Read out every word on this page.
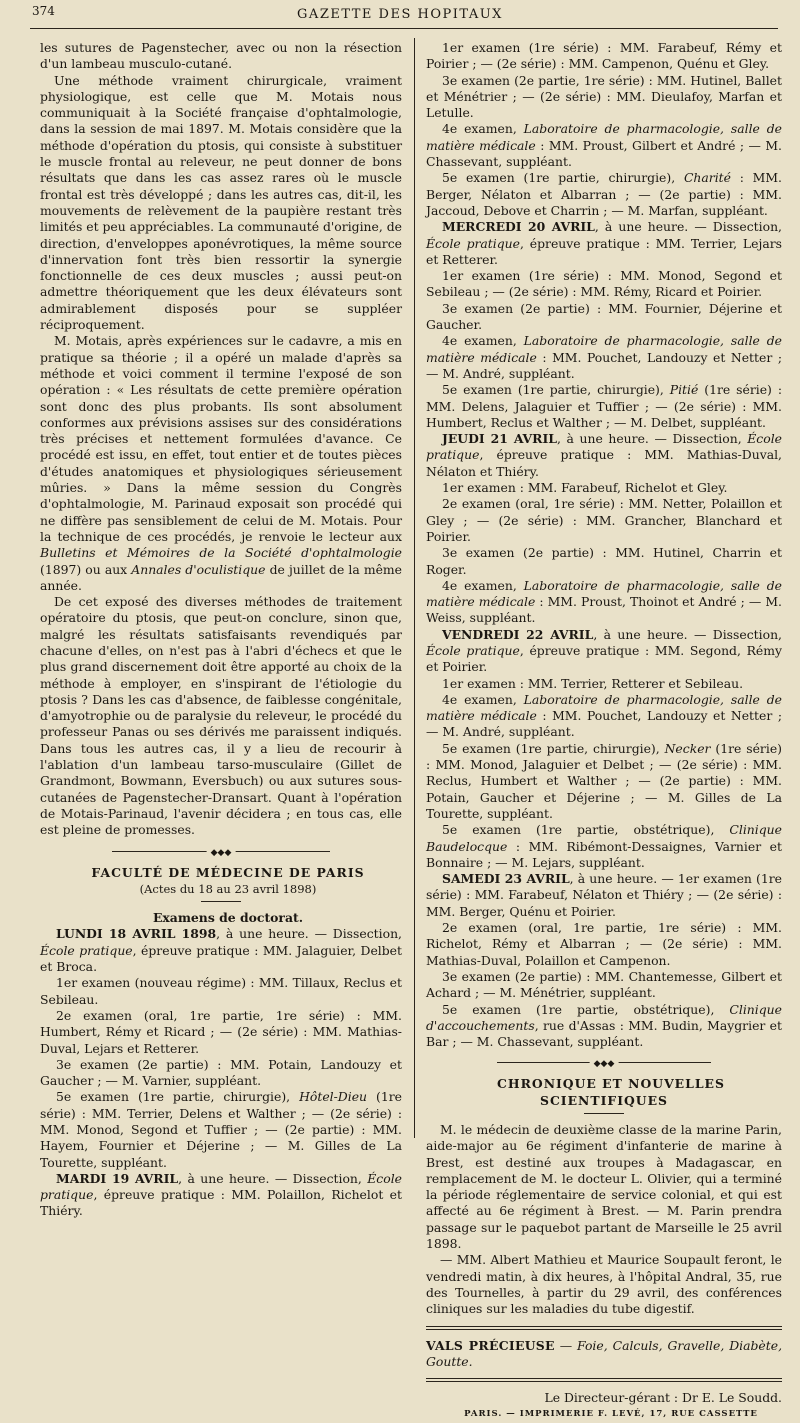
374	GAZETTE DES HOPITAUX

les sutures de Pagenstecher, avec ou non la résection d'un lambeau musculo-cutané.

Une méthode vraiment chirurgicale, vraiment physiologique, est celle que M. Motais nous communiquait à la Société française d'ophtalmologie, dans la session de mai 1897. M. Motais considère que la méthode d'opération du ptosis, qui consiste à substituer le muscle frontal au releveur, ne peut donner de bons résultats que dans les cas assez rares où le muscle frontal est très développé ; dans les autres cas, dit-il, les mouvements de relèvement de la paupière restant très limités et peu appréciables. La communauté d'origine, de direction, d'enveloppes aponévrotiques, la même source d'innervation font très bien ressortir la synergie fonctionnelle de ces deux muscles ; aussi peut-on admettre théoriquement que les deux élévateurs sont admirablement disposés pour se suppléer réciproquement.

M. Motais, après expériences sur le cadavre, a mis en pratique sa théorie ; il a opéré un malade d'après sa méthode et voici comment il termine l'exposé de son opération : « Les résultats de cette première opération sont donc des plus probants. Ils sont absolument conformes aux prévisions assises sur des considérations très précises et nettement formulées d'avance. Ce procédé est issu, en effet, tout entier et de toutes pièces d'études anatomiques et physiologiques sérieusement mûries. » Dans la même session du Congrès d'ophtalmologie, M. Parinaud exposait son procédé qui ne diffère pas sensiblement de celui de M. Motais. Pour la technique de ces procédés, je renvoie le lecteur aux Bulletins et Mémoires de la Société d'ophtalmologie (1897) ou aux Annales d'oculistique de juillet de la même année.

De cet exposé des diverses méthodes de traitement opératoire du ptosis, que peut-on conclure, sinon que, malgré les résultats satisfaisants revendiqués par chacune d'elles, on n'est pas à l'abri d'échecs et que le plus grand discernement doit être apporté au choix de la méthode à employer, en s'inspirant de l'étiologie du ptosis ? Dans les cas d'absence, de faiblesse congénitale, d'amyotrophie ou de paralysie du releveur, le procédé du professeur Panas ou ses dérivés me paraissent indiqués. Dans tous les autres cas, il y a lieu de recourir à l'ablation d'un lambeau tarso-musculaire (Gillet de Grandmont, Bowmann, Eversbuch) ou aux sutures sous-cutanées de Pagenstecher-Dransart. Quant à l'opération de Motais-Parinaud, l'avenir décidera ; en tous cas, elle est pleine de promesses.

◆◆◆

FACULTÉ DE MÉDECINE DE PARIS

(Actes du 18 au 23 avril 1898)

Examens de doctorat.

LUNDI 18 AVRIL 1898, à une heure. — Dissection, École pratique, épreuve pratique : MM. Jalaguier, Delbet et Broca.

1er examen (nouveau régime) : MM. Tillaux, Reclus et Sebileau.

2e examen (oral, 1re partie, 1re série) : MM. Humbert, Rémy et Ricard ; — (2e série) : MM. Mathias-Duval, Lejars et Retterer.

3e examen (2e partie) : MM. Potain, Landouzy et Gaucher ; — M. Varnier, suppléant.

5e examen (1re partie, chirurgie), Hôtel-Dieu (1re série) : MM. Terrier, Delens et Walther ; — (2e série) : MM. Monod, Segond et Tuffier ; — (2e partie) : MM. Hayem, Fournier et Déjerine ; — M. Gilles de La Tourette, suppléant.

MARDI 19 AVRIL, à une heure. — Dissection, École pratique, épreuve pratique : MM. Polaillon, Richelot et Thiéry.

1er examen (1re série) : MM. Farabeuf, Rémy et Poirier ; — (2e série) : MM. Campenon, Quénu et Gley.

3e examen (2e partie, 1re série) : MM. Hutinel, Ballet et Ménétrier ; — (2e série) : MM. Dieulafoy, Marfan et Letulle.

4e examen, Laboratoire de pharmacologie, salle de matière médicale : MM. Proust, Gilbert et André ; — M. Chassevant, suppléant.

5e examen (1re partie, chirurgie), Charité : MM. Berger, Nélaton et Albarran ; — (2e partie) : MM. Jaccoud, Debove et Charrin ; — M. Marfan, suppléant.

MERCREDI 20 AVRIL, à une heure. — Dissection, École pratique, épreuve pratique : MM. Terrier, Lejars et Retterer.

1er examen (1re série) : MM. Monod, Segond et Sebileau ; — (2e série) : MM. Rémy, Ricard et Poirier.

3e examen (2e partie) : MM. Fournier, Déjerine et Gaucher.

4e examen, Laboratoire de pharmacologie, salle de matière médicale : MM. Pouchet, Landouzy et Netter ; — M. André, suppléant.

5e examen (1re partie, chirurgie), Pitié (1re série) : MM. Delens, Jalaguier et Tuffier ; — (2e série) : MM. Humbert, Reclus et Walther ; — M. Delbet, suppléant.

JEUDI 21 AVRIL, à une heure. — Dissection, École pratique, épreuve pratique : MM. Mathias-Duval, Nélaton et Thiéry.

1er examen : MM. Farabeuf, Richelot et Gley.

2e examen (oral, 1re série) : MM. Netter, Polaillon et Gley ; — (2e série) : MM. Grancher, Blanchard et Poirier.

3e examen (2e partie) : MM. Hutinel, Charrin et Roger.

4e examen, Laboratoire de pharmacologie, salle de matière médicale : MM. Proust, Thoinot et André ; — M. Weiss, suppléant.

VENDREDI 22 AVRIL, à une heure. — Dissection, École pratique, épreuve pratique : MM. Segond, Rémy et Poirier.

1er examen : MM. Terrier, Retterer et Sebileau.

4e examen, Laboratoire de pharmacologie, salle de matière médicale : MM. Pouchet, Landouzy et Netter ; — M. André, suppléant.

5e examen (1re partie, chirurgie), Necker (1re série) : MM. Monod, Jalaguier et Delbet ; — (2e série) : MM. Reclus, Humbert et Walther ; — (2e partie) : MM. Potain, Gaucher et Déjerine ; — M. Gilles de La Tourette, suppléant.

5e examen (1re partie, obstétrique), Clinique Baudelocque : MM. Ribémont-Dessaignes, Varnier et Bonnaire ; — M. Lejars, suppléant.

SAMEDI 23 AVRIL, à une heure. — 1er examen (1re série) : MM. Farabeuf, Nélaton et Thiéry ; — (2e série) : MM. Berger, Quénu et Poirier.

2e examen (oral, 1re partie, 1re série) : MM. Richelot, Rémy et Albarran ; — (2e série) : MM. Mathias-Duval, Polaillon et Campenon.

3e examen (2e partie) : MM. Chantemesse, Gilbert et Achard ; — M. Ménétrier, suppléant.

5e examen (1re partie, obstétrique), Clinique d'accouchements, rue d'Assas : MM. Budin, Maygrier et Bar ; — M. Chassevant, suppléant.

◆◆◆

CHRONIQUE ET NOUVELLES SCIENTIFIQUES

M. le médecin de deuxième classe de la marine Parin, aide-major au 6e régiment d'infanterie de marine à Brest, est destiné aux troupes à Madagascar, en remplacement de M. le docteur L. Olivier, qui a terminé la période réglementaire de service colonial, et qui est affecté au 6e régiment à Brest. — M. Parin prendra passage sur le paquebot partant de Marseille le 25 avril 1898.

— MM. Albert Mathieu et Maurice Soupault feront, le vendredi matin, à dix heures, à l'hôpital Andral, 35, rue des Tournelles, à partir du 29 avril, des conférences cliniques sur les maladies du tube digestif.

VALS PRÉCIEUSE — Foie, Calculs, Gravelle, Diabète, Goutte.

Le Directeur-gérant : Dr E. Le Soudd.

PARIS. — IMPRIMERIE F. LEVÉ, 17, RUE CASSETTE
